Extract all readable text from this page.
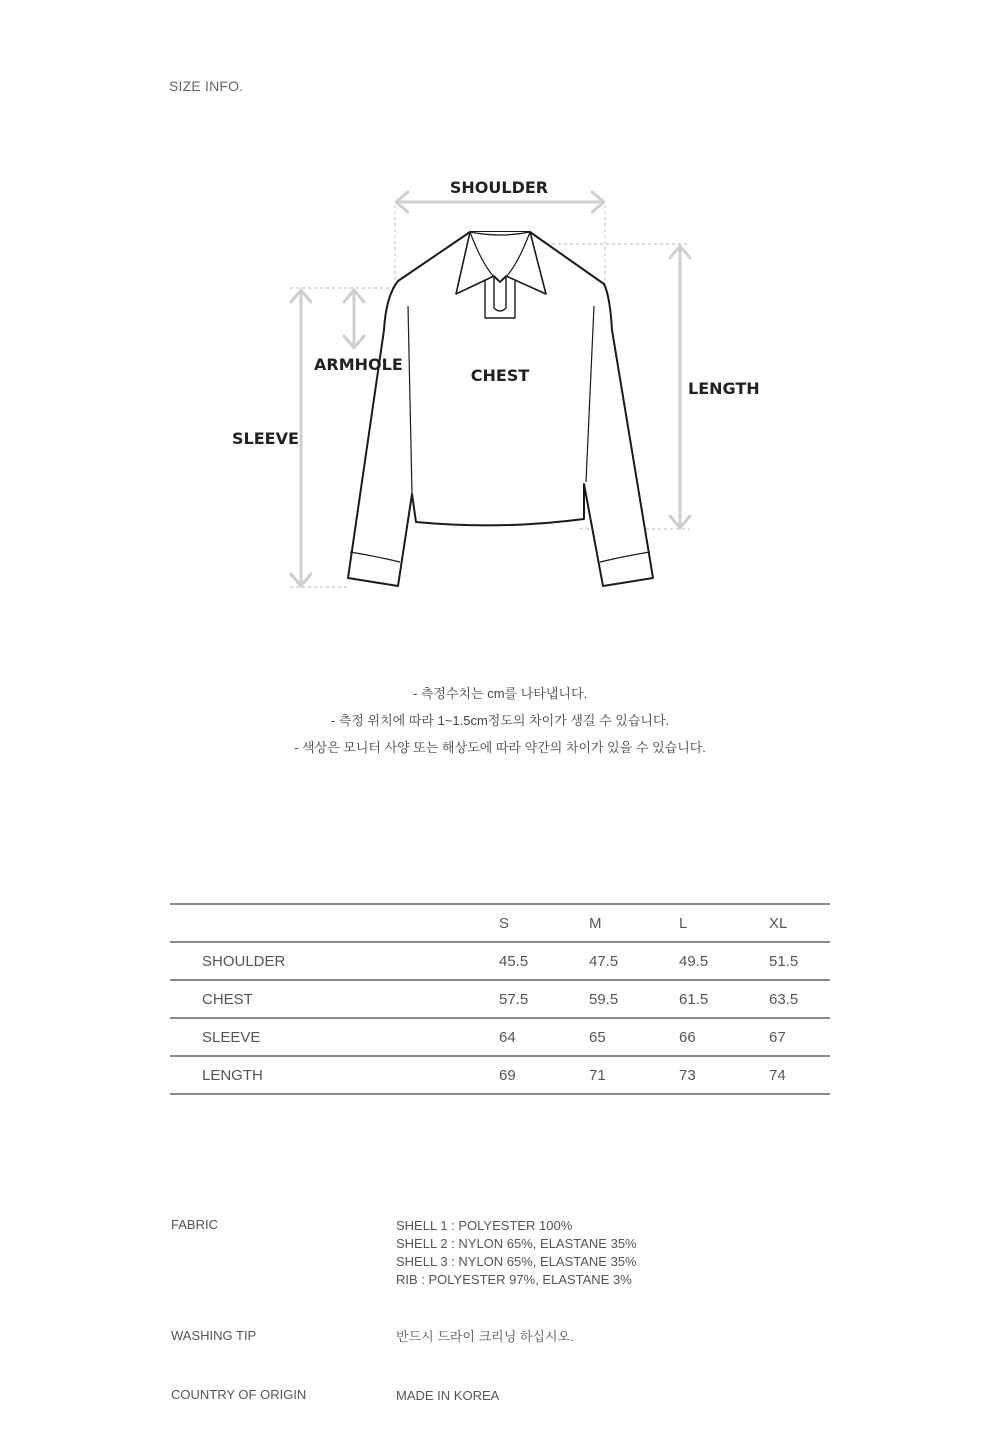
SIZE INFO.
SHOULDER
ARMHOLE
CHEST
LENGTH
SLEEVE
- 측정수치는 cm를 나타냅니다.
- 측정 위치에 따라 1~1.5cm정도의 차이가 생길 수 있습니다.
- 색상은 모니터 사양 또는 해상도에 따라 약간의 차이가 있을 수 있습니다.
	S	M	L	XL
SHOULDER	45.5	47.5	49.5	51.5
CHEST	57.5	59.5	61.5	63.5
SLEEVE	64	65	66	67
LENGTH	69	71	73	74
FABRIC	SHELL 1 : POLYESTER 100%
SHELL 2 : NYLON 65%, ELASTANE 35%
SHELL 3 : NYLON 65%, ELASTANE 35%
RIB : POLYESTER 97%, ELASTANE 3%
WASHING TIP	반드시 드라이 크리닝 하십시오.
COUNTRY OF ORIGIN	MADE IN KOREA
